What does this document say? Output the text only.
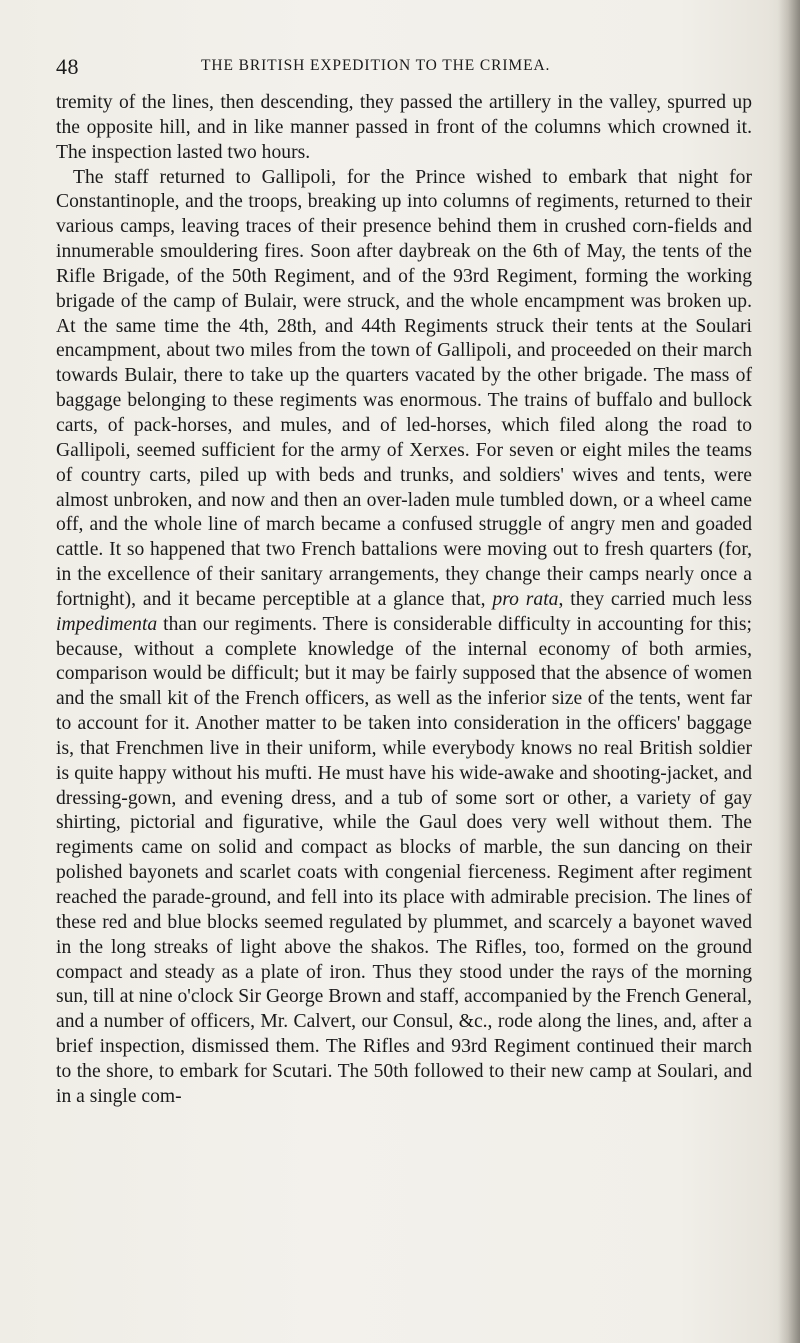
48	THE BRITISH EXPEDITION TO THE CRIMEA.

tremity of the lines, then descending, they passed the artillery in the valley, spurred up the opposite hill, and in like manner passed in front of the columns which crowned it. The inspection lasted two hours.

The staff returned to Gallipoli, for the Prince wished to embark that night for Constantinople, and the troops, breaking up into columns of regiments, returned to their various camps, leaving traces of their presence behind them in crushed corn-fields and innumerable smouldering fires. Soon after daybreak on the 6th of May, the tents of the Rifle Brigade, of the 50th Regiment, and of the 93rd Regiment, forming the working brigade of the camp of Bulair, were struck, and the whole encampment was broken up. At the same time the 4th, 28th, and 44th Regiments struck their tents at the Soulari encampment, about two miles from the town of Gallipoli, and proceeded on their march towards Bulair, there to take up the quarters vacated by the other brigade. The mass of baggage belonging to these regiments was enormous. The trains of buffalo and bullock carts, of pack-horses, and mules, and of led-horses, which filed along the road to Gallipoli, seemed sufficient for the army of Xerxes. For seven or eight miles the teams of country carts, piled up with beds and trunks, and soldiers' wives and tents, were almost unbroken, and now and then an over-laden mule tumbled down, or a wheel came off, and the whole line of march became a confused struggle of angry men and goaded cattle. It so happened that two French battalions were moving out to fresh quarters (for, in the excellence of their sanitary arrangements, they change their camps nearly once a fortnight), and it became perceptible at a glance that, pro rata, they carried much less impedimenta than our regiments. There is considerable difficulty in accounting for this; because, without a complete knowledge of the internal economy of both armies, comparison would be difficult; but it may be fairly supposed that the absence of women and the small kit of the French officers, as well as the inferior size of the tents, went far to account for it. Another matter to be taken into consideration in the officers' baggage is, that Frenchmen live in their uniform, while everybody knows no real British soldier is quite happy without his mufti. He must have his wide-awake and shooting-jacket, and dressing-gown, and evening dress, and a tub of some sort or other, a variety of gay shirting, pictorial and figurative, while the Gaul does very well without them. The regiments came on solid and compact as blocks of marble, the sun dancing on their polished bayonets and scarlet coats with congenial fierceness. Regiment after regiment reached the parade-ground, and fell into its place with admirable precision. The lines of these red and blue blocks seemed regulated by plummet, and scarcely a bayonet waved in the long streaks of light above the shakos. The Rifles, too, formed on the ground compact and steady as a plate of iron. Thus they stood under the rays of the morning sun, till at nine o'clock Sir George Brown and staff, accompanied by the French General, and a number of officers, Mr. Calvert, our Consul, &c., rode along the lines, and, after a brief inspection, dismissed them. The Rifles and 93rd Regiment continued their march to the shore, to embark for Scutari. The 50th followed to their new camp at Soulari, and in a single com-
